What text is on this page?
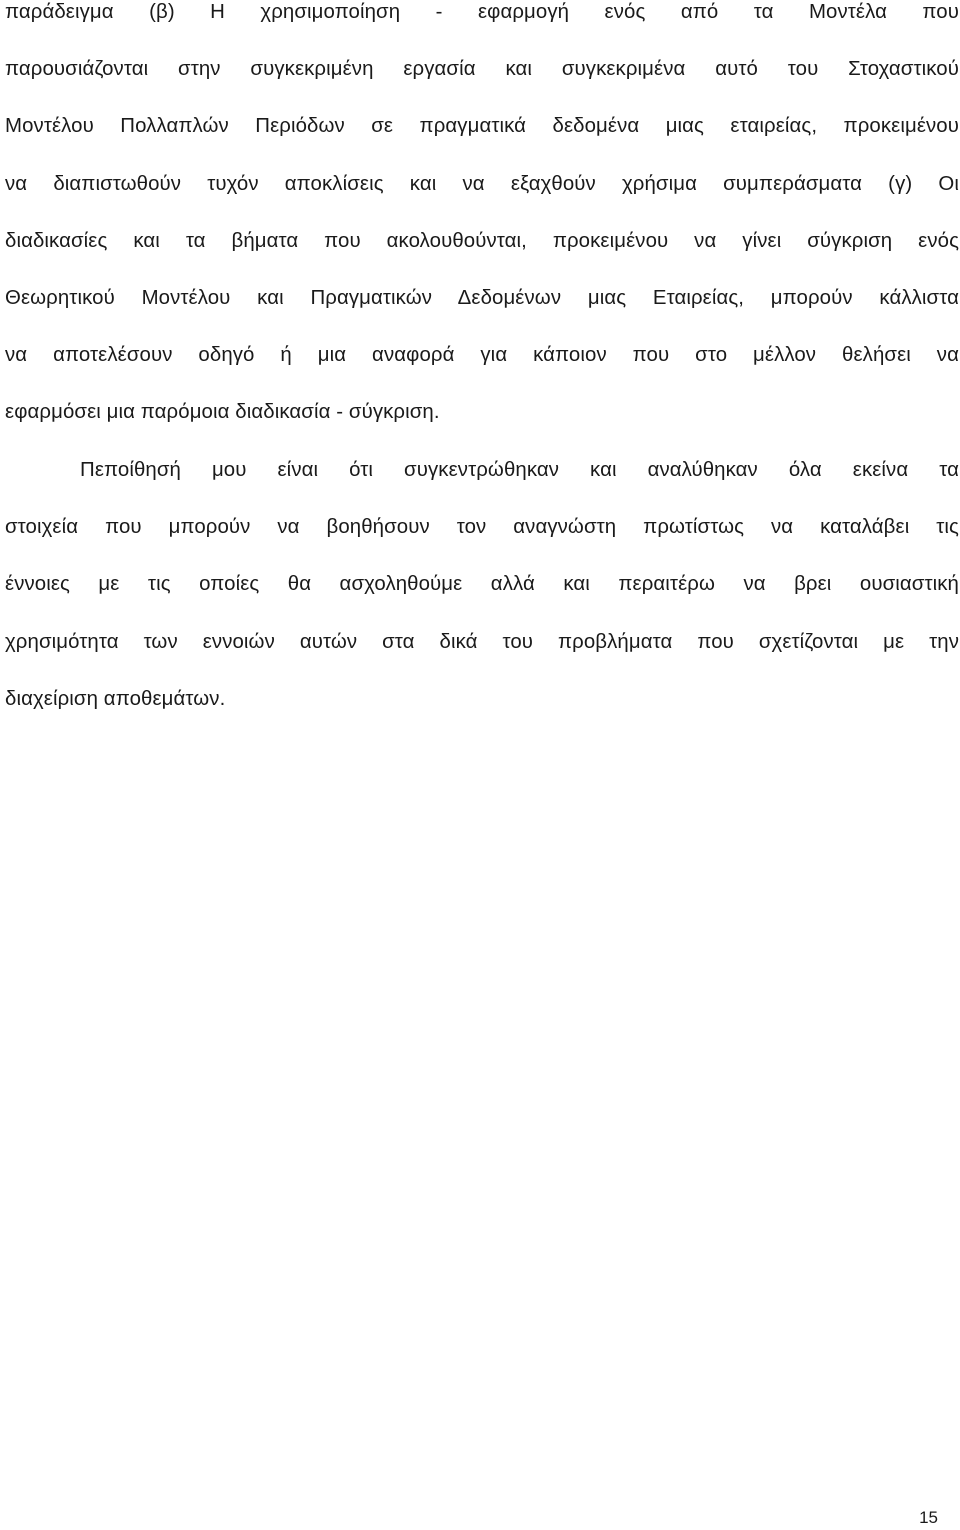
παράδειγμα (β) Η χρησιμοποίηση - εφαρμογή ενός από τα Μοντέλα που
παρουσιάζονται στην συγκεκριμένη εργασία και συγκεκριμένα αυτό του Στοχαστικού
Μοντέλου Πολλαπλών Περιόδων σε πραγματικά δεδομένα μιας εταιρείας, προκειμένου
να διαπιστωθούν τυχόν αποκλίσεις και να εξαχθούν χρήσιμα συμπεράσματα (γ) Οι
διαδικασίες και τα βήματα που ακολουθούνται, προκειμένου να γίνει σύγκριση ενός
Θεωρητικού Μοντέλου και Πραγματικών Δεδομένων μιας Εταιρείας, μπορούν κάλλιστα
να αποτελέσουν οδηγό ή μια αναφορά για κάποιον που στο μέλλον θελήσει να
εφαρμόσει μια παρόμοια διαδικασία - σύγκριση.
Πεποίθησή μου είναι ότι συγκεντρώθηκαν και αναλύθηκαν όλα εκείνα τα
στοιχεία που μπορούν να βοηθήσουν τον αναγνώστη πρωτίστως να καταλάβει τις
έννοιες με τις οποίες θα ασχοληθούμε αλλά και περαιτέρω να βρει ουσιαστική
χρησιμότητα των εννοιών αυτών στα δικά του προβλήματα που σχετίζονται με την
διαχείριση αποθεμάτων.
15
